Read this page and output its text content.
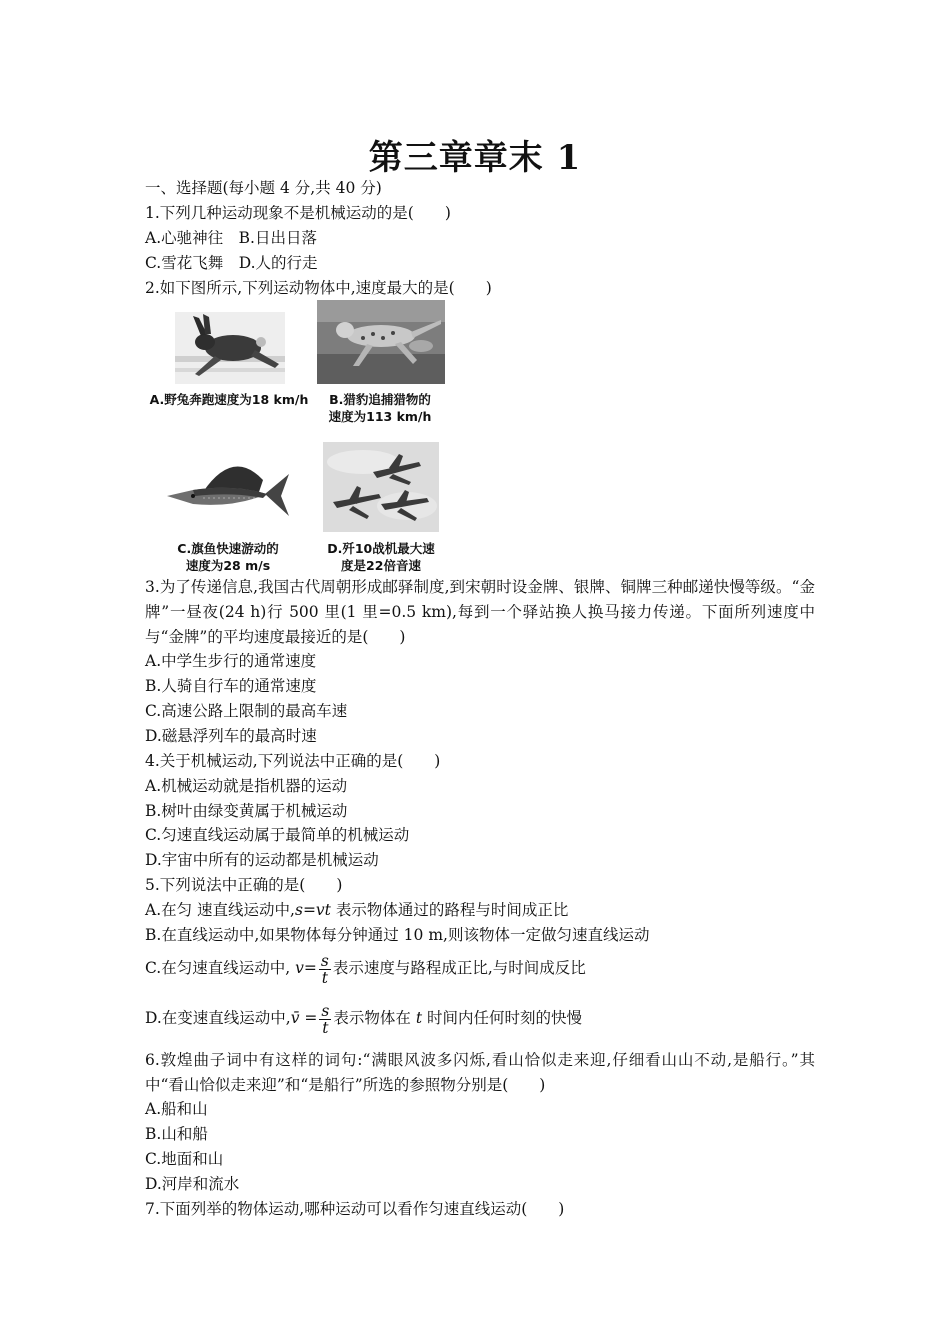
第三章章末 1
一、选择题(每小题 4 分,共 40 分)
1.下列几种运动现象不是机械运动的是(　　)
A.心驰神往　B.日出日落
C.雪花飞舞　D.人的行走
2.如下图所示,下列运动物体中,速度最大的是(　　)
A.野兔奔跑速度为18 km/h	B.猎豹追捕猎物的
速度为113 km/h
C.旗鱼快速游动的
速度为28 m/s
D.歼10战机最大速
度是22倍音速
3.为了传递信息,我国古代周朝形成邮驿制度,到宋朝时设金牌、银牌、铜牌三种邮递快慢等级。“金牌”一昼夜(24 h)行 500 里(1 里=0.5 km),每到一个驿站换人换马接力传递。下面所列速度中与“金牌”的平均速度最接近的是(　　)
A.中学生步行的通常速度
B.人骑自行车的通常速度
C.高速公路上限制的最高车速
D.磁悬浮列车的最高时速
4.关于机械运动,下列说法中正确的是(　　)
A.机械运动就是指机器的运动
B.树叶由绿变黄属于机械运动
C.匀速直线运动属于最简单的机械运动
D.宇宙中所有的运动都是机械运动
5.下列说法中正确的是(　　)
A.在匀 速直线运动中,s=vt 表示物体通过的路程与时间成正比
B.在直线运动中,如果物体每分钟通过 10 m,则该物体一定做匀速直线运动
C.在匀速直线运动中, $v= \frac{s}{t}$ 表示速度与路程成正比,与时间成反比
D.在变速直线运动中,v̄ = $\frac{s}{t}$ 表示物体在 t 时间内任何时刻的快慢
6.敦煌曲子词中有这样的词句:“满眼风波多闪烁,看山恰似走来迎,仔细看山山不动,是船行。”其中“看山恰似走来迎”和“是船行”所选的参照物分别是(　　)
A.船和山
B.山和船
C.地面和山
D.河岸和流水
7.下面列举的物体运动,哪种运动可以看作匀速直线运动(　　)
